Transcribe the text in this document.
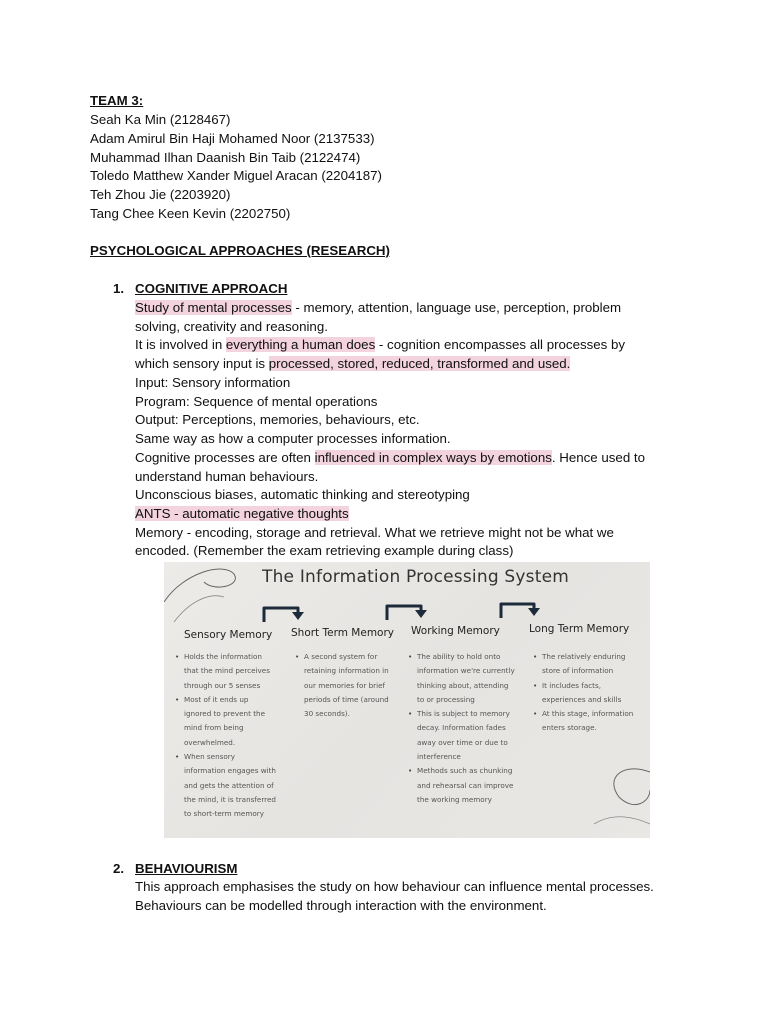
TEAM 3:
Seah Ka Min (2128467)
Adam Amirul Bin Haji Mohamed Noor (2137533)
Muhammad Ilhan Daanish Bin Taib (2122474)
Toledo Matthew Xander Miguel Aracan (2204187)
Teh Zhou Jie (2203920)
Tang Chee Keen Kevin (2202750)
PSYCHOLOGICAL APPROACHES (RESEARCH)
1. COGNITIVE APPROACH
Study of mental processes - memory, attention, language use, perception, problem
solving, creativity and reasoning.
It is involved in everything a human does - cognition encompasses all processes by
which sensory input is processed, stored, reduced, transformed and used.
Input: Sensory information
Program: Sequence of mental operations
Output: Perceptions, memories, behaviours, etc.
Same way as how a computer processes information.
Cognitive processes are often influenced in complex ways by emotions. Hence used to
understand human behaviours.
Unconscious biases, automatic thinking and stereotyping
ANTS - automatic negative thoughts
Memory - encoding, storage and retrieval. What we retrieve might not be what we
encoded. (Remember the exam retrieving example during class)
The Information Processing System
Sensory Memory Short Term Memory Working Memory	Long Term Memory
• Holds the information that the mind perceives through our 5 senses
• Most of it ends up ignored to prevent the mind from being overwhelmed.
• When sensory information engages with and gets the attention of the mind, it is transferred to short-term memory
• A second system for retaining information in our memories for brief periods of time (around 30 seconds).
• The ability to hold onto information we're currently thinking about, attending to or processing
• This is subject to memory decay. Information fades away over time or due to interference
• Methods such as chunking and rehearsal can improve the working memory
• The relatively enduring store of information
• It includes facts, experiences and skills
• At this stage, information enters storage.
2. BEHAVIOURISM
This approach emphasises the study on how behaviour can influence mental processes.
Behaviours can be modelled through interaction with the environment.
